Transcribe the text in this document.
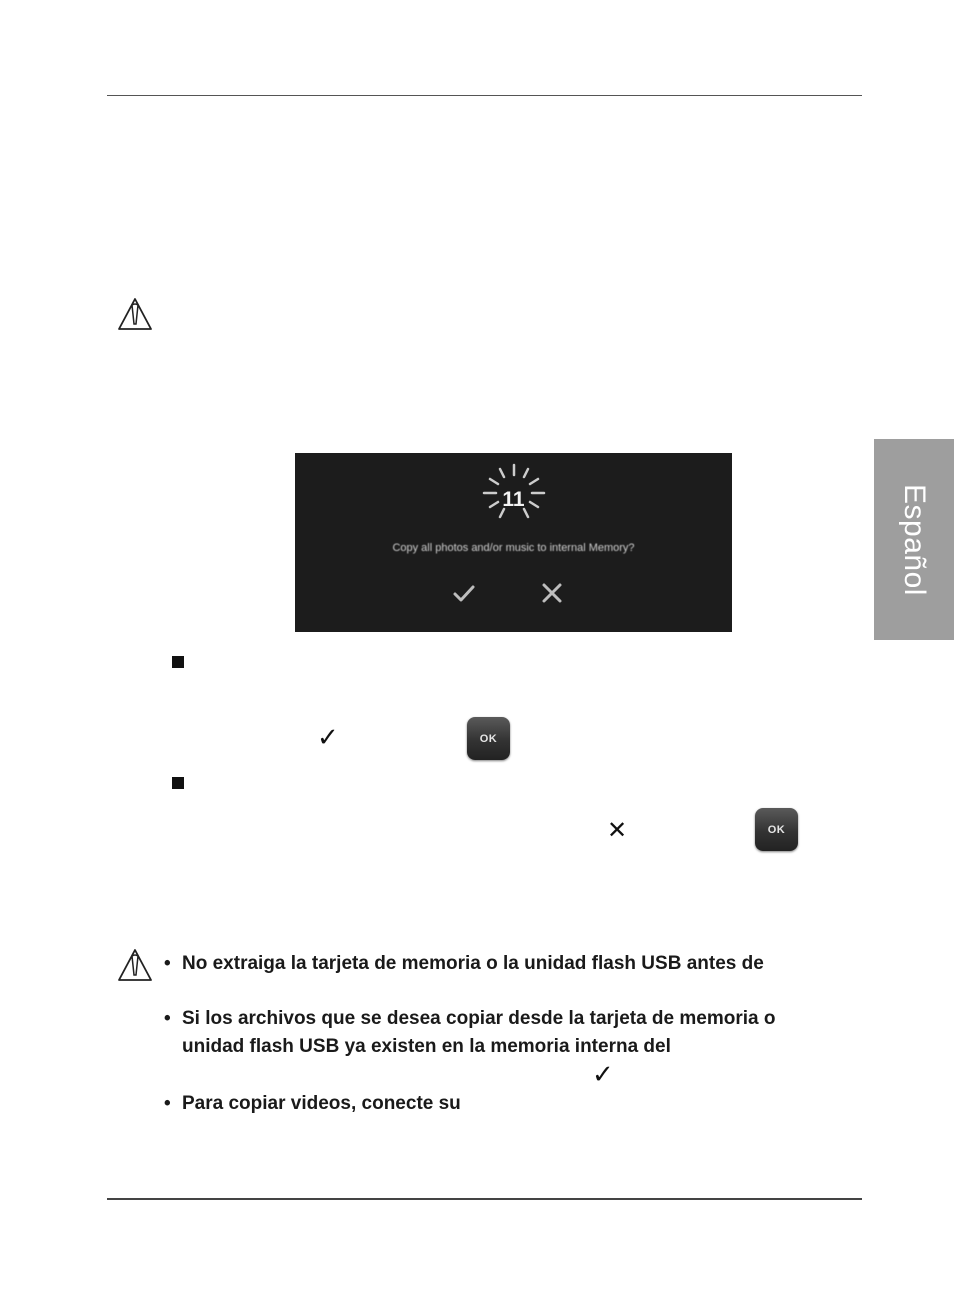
Español
11
Copy all photos and/or music to internal Memory?
✓	OK
✕	OK
• No extraiga la tarjeta de memoria o la unidad flash USB antes de
• Si los archivos que se desea copiar desde la tarjeta de memoria o
unidad flash USB ya existen en la memoria interna del
✓
• Para copiar videos, conecte su
